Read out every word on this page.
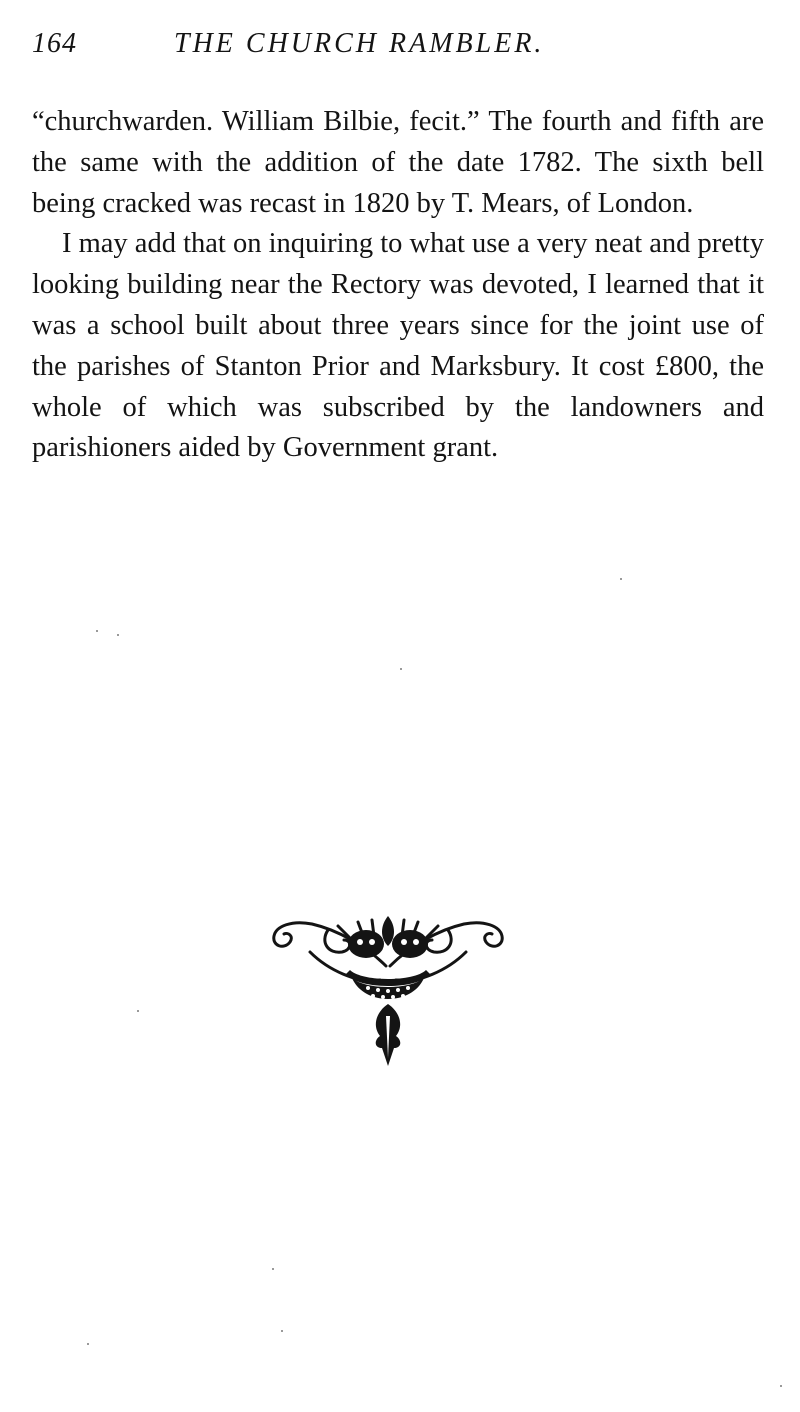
164	THE CHURCH RAMBLER.

“churchwarden. William Bilbie, fecit.” The fourth and fifth are the same with the addition of the date 1782. The sixth bell being cracked was recast in 1820 by T. Mears, of London.

I may add that on inquiring to what use a very neat and pretty looking building near the Rectory was devoted, I learned that it was a school built about three years since for the joint use of the parishes of Stanton Prior and Marksbury. It cost £800, the whole of which was subscribed by the landowners and parishioners aided by Government grant.
